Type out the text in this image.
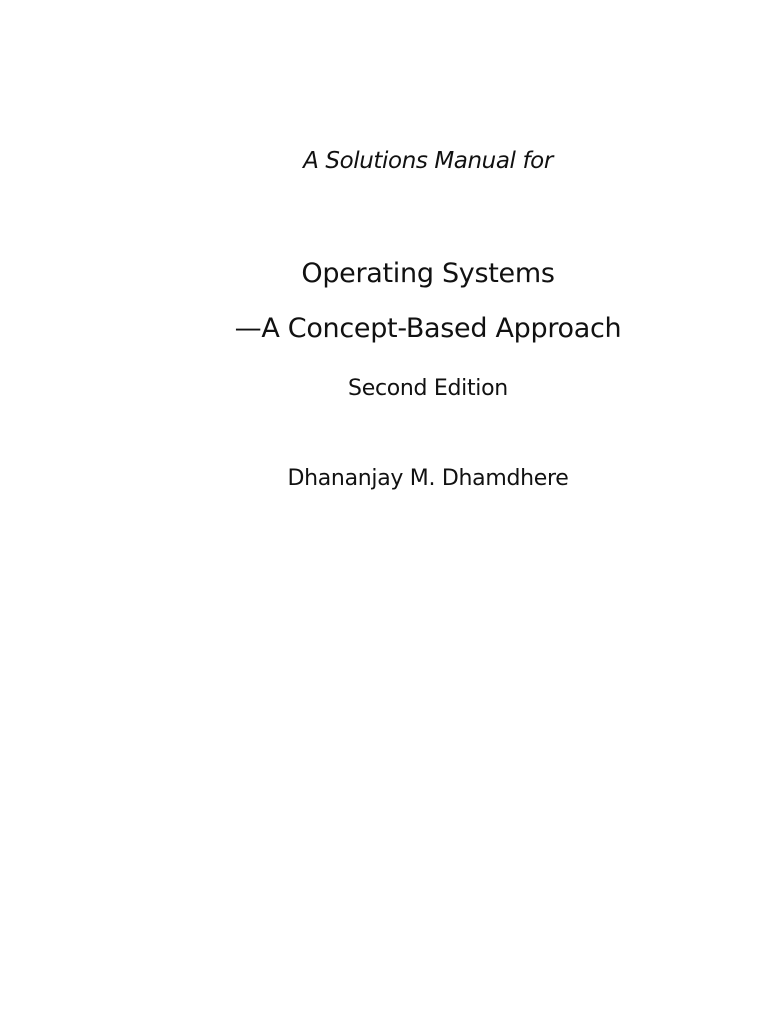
A Solutions Manual for
Operating Systems
—A Concept-Based Approach
Second Edition
Dhananjay M. Dhamdhere
